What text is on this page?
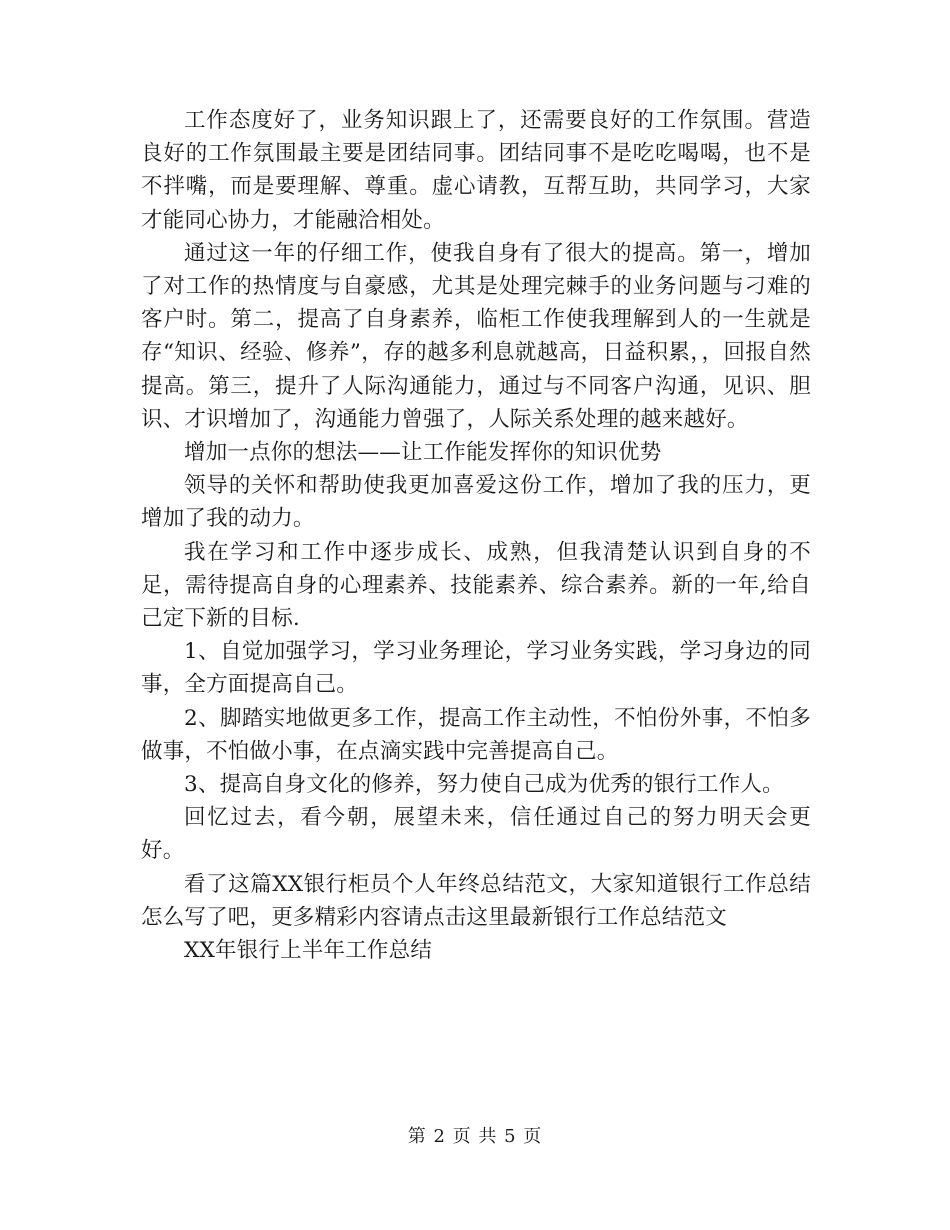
工作态度好了，业务知识跟上了，还需要良好的工作氛围。营造良好的工作氛围最主要是团结同事。团结同事不是吃吃喝喝，也不是不拌嘴，而是要理解、尊重。虚心请教，互帮互助，共同学习，大家才能同心协力，才能融洽相处。

通过这一年的仔细工作，使我自身有了很大的提高。第一，增加了对工作的热情度与自豪感，尤其是处理完棘手的业务问题与刁难的客户时。第二，提高了自身素养，临柜工作使我理解到人的一生就是存“知识、经验、修养”，存的越多利息就越高，日益积累，，回报自然提高。第三，提升了人际沟通能力，通过与不同客户沟通，见识、胆识、才识增加了，沟通能力曾强了，人际关系处理的越来越好。

增加一点你的想法——让工作能发挥你的知识优势

领导的关怀和帮助使我更加喜爱这份工作，增加了我的压力，更增加了我的动力。

我在学习和工作中逐步成长、成熟，但我清楚认识到自身的不足，需待提高自身的心理素养、技能素养、综合素养。新的一年,给自己定下新的目标.

1、自觉加强学习，学习业务理论，学习业务实践，学习身边的同事，全方面提高自己。

2、脚踏实地做更多工作，提高工作主动性，不怕份外事，不怕多做事，不怕做小事，在点滴实践中完善提高自己。

3、提高自身文化的修养，努力使自己成为优秀的银行工作人。

回忆过去，看今朝，展望未来，信任通过自己的努力明天会更好。

看了这篇XX银行柜员个人年终总结范文，大家知道银行工作总结怎么写了吧，更多精彩内容请点击这里最新银行工作总结范文

XX年银行上半年工作总结

第 2 页 共 5 页
